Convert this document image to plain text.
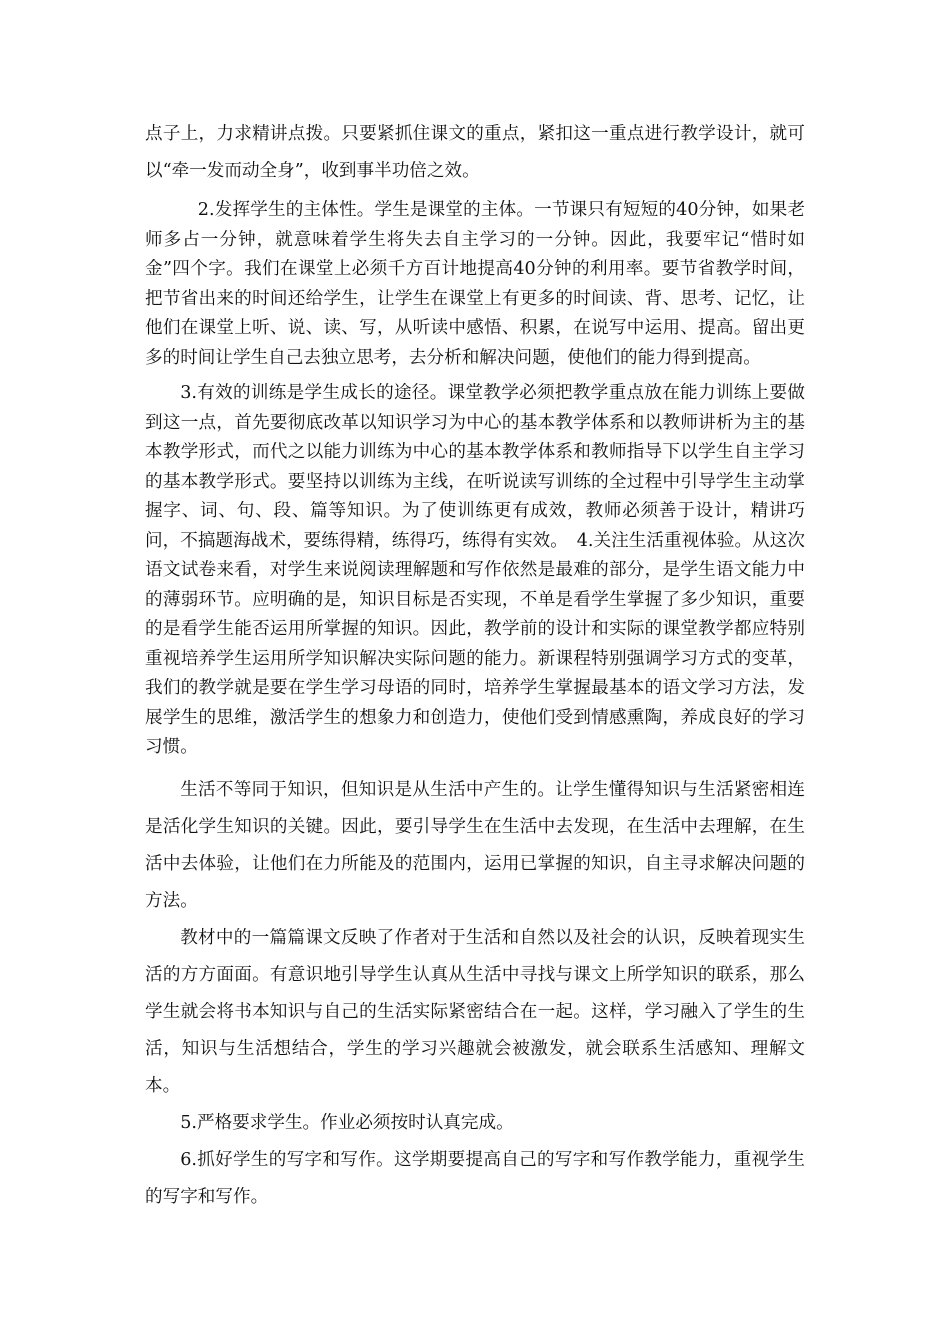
点子上，力求精讲点拨。只要紧抓住课文的重点，紧扣这一重点进行教学设计，就可以“牵一发而动全身”，收到事半功倍之效。

2.发挥学生的主体性。学生是课堂的主体。一节课只有短短的40分钟，如果老师多占一分钟，就意味着学生将失去自主学习的一分钟。因此，我要牢记“惜时如金”四个字。我们在课堂上必须千方百计地提高40分钟的利用率。要节省教学时间，把节省出来的时间还给学生，让学生在课堂上有更多的时间读、背、思考、记忆，让他们在课堂上听、说、读、写，从听读中感悟、积累，在说写中运用、提高。留出更多的时间让学生自己去独立思考，去分析和解决问题，使他们的能力得到提高。

3.有效的训练是学生成长的途径。课堂教学必须把教学重点放在能力训练上要做到这一点，首先要彻底改革以知识学习为中心的基本教学体系和以教师讲析为主的基本教学形式，而代之以能力训练为中心的基本教学体系和教师指导下以学生自主学习的基本教学形式。要坚持以训练为主线，在听说读写训练的全过程中引导学生主动掌握字、词、句、段、篇等知识。为了使训练更有成效，教师必须善于设计，精讲巧问，不搞题海战术，要练得精，练得巧，练得有实效。　4.关注生活重视体验。从这次语文试卷来看，对学生来说阅读理解题和写作依然是最难的部分，是学生语文能力中的薄弱环节。应明确的是，知识目标是否实现，不单是看学生掌握了多少知识，重要的是看学生能否运用所掌握的知识。因此，教学前的设计和实际的课堂教学都应特别重视培养学生运用所学知识解决实际问题的能力。新课程特别强调学习方式的变革，我们的教学就是要在学生学习母语的同时，培养学生掌握最基本的语文学习方法，发展学生的思维，激活学生的想象力和创造力，使他们受到情感熏陶，养成良好的学习习惯。

生活不等同于知识，但知识是从生活中产生的。让学生懂得知识与生活紧密相连是活化学生知识的关键。因此，要引导学生在生活中去发现，在生活中去理解，在生活中去体验，让他们在力所能及的范围内，运用已掌握的知识，自主寻求解决问题的方法。

教材中的一篇篇课文反映了作者对于生活和自然以及社会的认识，反映着现实生活的方方面面。有意识地引导学生认真从生活中寻找与课文上所学知识的联系，那么学生就会将书本知识与自己的生活实际紧密结合在一起。这样，学习融入了学生的生活，知识与生活想结合，学生的学习兴趣就会被激发，就会联系生活感知、理解文本。

5.严格要求学生。作业必须按时认真完成。

6.抓好学生的写字和写作。这学期要提高自己的写字和写作教学能力，重视学生的写字和写作。
